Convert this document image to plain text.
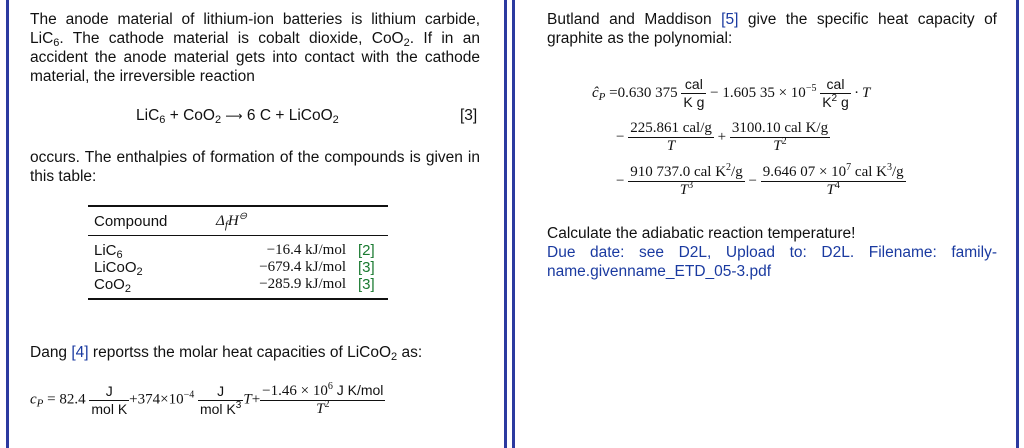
The anode material of lithium-ion batteries is lithium carbide, LiC$_6$. The cathode material is cobalt dioxide, CoO$_2$. If in an accident the anode material gets into contact with the cathode material, the irreversible reaction

LiC$_6$ + CoO$_2$ ⟶ 6 C + LiCoO$_2$	[3]

occurs. The enthalpies of formation of the compounds is given in this table:

Compound	$\Delta_fH^⊖$	
LiC$_6$	−16.4 kJ/mol	[2]
LiCoO$_2$	−679.4 kJ/mol	[3]
CoO$_2$	−285.9 kJ/mol	[3]
Dang [4] reportss the molar heat capacities of LiCoO$_2$ as:
$c_P = 82.4 \frac{J}{\text{mol K}} +374\times 10^{-4} \frac{J}{mol K^3} T+ \frac{-1.46 \times 10^6 J K/mol}{T^2}$

Butland and Maddison [5] give the specific heat capacity of graphite as the polynomial:

$ĉ_P =0.630$ $375 \frac{\text{cal}}{\text{K g}} - 1.605$ $35 \times 10^{-5} \frac{\text{cal}}{K^2 g} \cdot T$
− $\frac{\text{225.861 cal/g}}{T} + \frac{\text{3100.10 cal K/g}}{T^2}$
− $\frac{910 737.0 cal K^2/g}{T^3} - \frac{9.646 07 \times 10^7 cal K^3/g}{T^4}$

Calculate the adiabatic reaction temperature!

Due date: see D2L, Upload to: D2L. Filename: family-name.givenname_ETD_05-3.pdf
